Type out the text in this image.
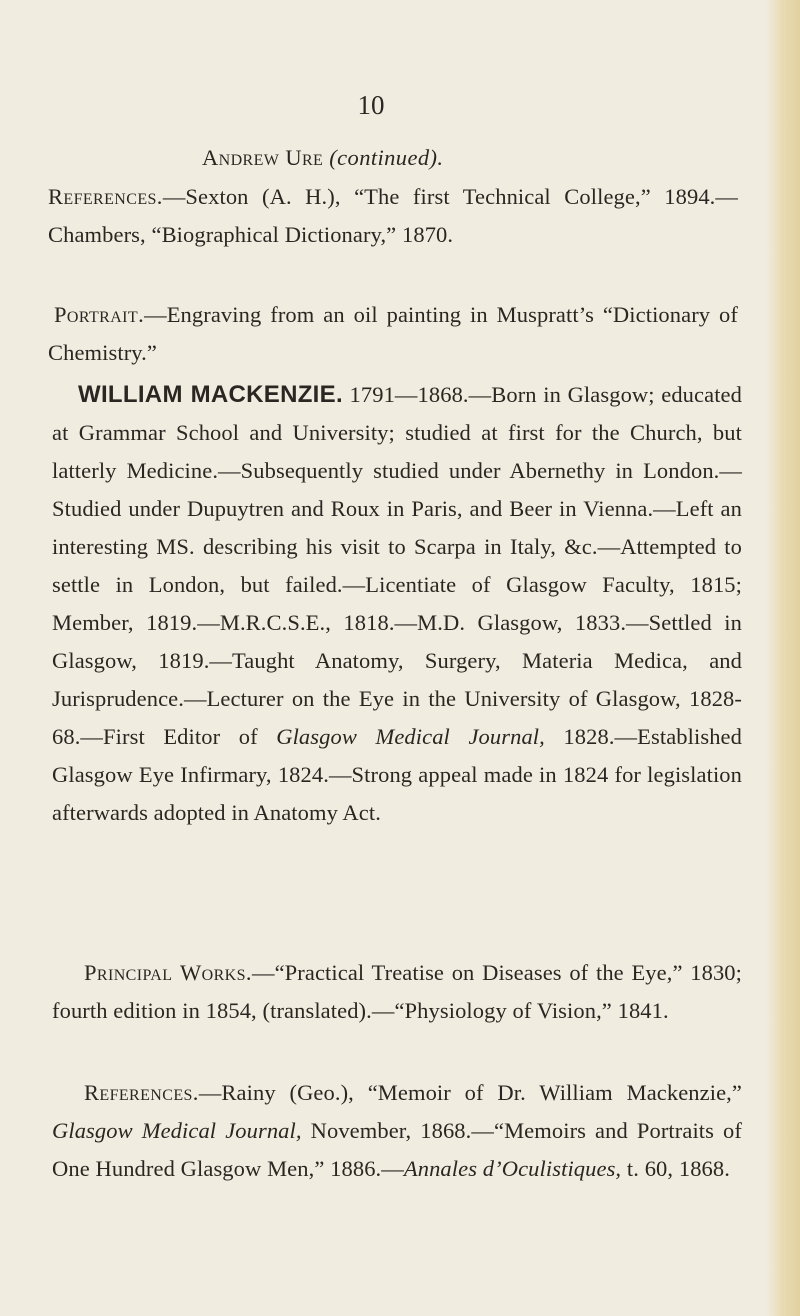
10
Andrew Ure (continued).

References.—Sexton (A. H.), “The first Technical College,” 1894.—Chambers, “Biographical Dictionary,” 1870.

Portrait.—Engraving from an oil painting in Muspratt’s “Dictionary of Chemistry.”

WILLIAM MACKENZIE. 1791—1868.—Born in Glasgow; educated at Grammar School and University; studied at first for the Church, but latterly Medicine.—Subsequently studied under Abernethy in London.—Studied under Dupuytren and Roux in Paris, and Beer in Vienna.—Left an interesting MS. describing his visit to Scarpa in Italy, &c.—Attempted to settle in London, but failed.—Licentiate of Glasgow Faculty, 1815; Member, 1819.—M.R.C.S.E., 1818.—M.D. Glasgow, 1833.—Settled in Glasgow, 1819.—Taught Anatomy, Surgery, Materia Medica, and Jurisprudence.—Lecturer on the Eye in the University of Glasgow, 1828-68.—First Editor of Glasgow Medical Journal, 1828.—Established Glasgow Eye Infirmary, 1824.—Strong appeal made in 1824 for legislation afterwards adopted in Anatomy Act.

Principal Works.—“Practical Treatise on Diseases of the Eye,” 1830; fourth edition in 1854, (translated).—“Physiology of Vision,” 1841.

References.—Rainy (Geo.), “Memoir of Dr. William Mackenzie,” Glasgow Medical Journal, November, 1868.—“Memoirs and Portraits of One Hundred Glasgow Men,” 1886.—Annales d’Oculistiques, t. 60, 1868.
